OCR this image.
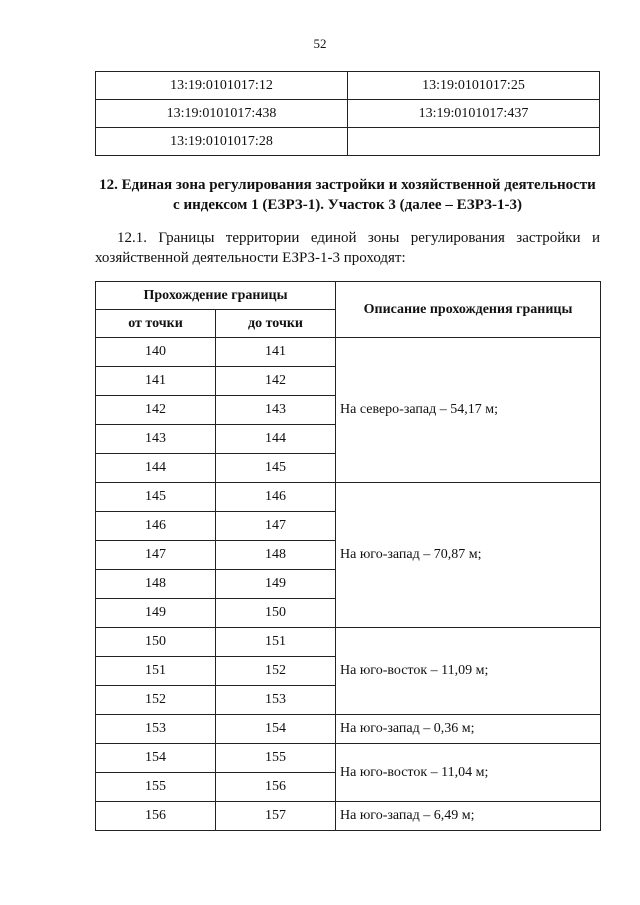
52
13:19:0101017:12	13:19:0101017:25
13:19:0101017:438	13:19:0101017:437
13:19:0101017:28	
12. Единая зона регулирования застройки и хозяйственной деятельности с индексом 1 (ЕЗРЗ-1). Участок 3 (далее – ЕЗРЗ-1-3)
12.1. Границы территории единой зоны регулирования застройки и хозяйственной деятельности ЕЗРЗ-1-3 проходят:
Прохождение границы		Описание прохождения границы
от точки	до точки	
140	141	На северо-запад – 54,17 м;
141	142	
142	143	
143	144	
144	145	
145	146	На юго-запад – 70,87 м;
146	147	
147	148	
148	149	
149	150	
150	151	На юго-восток – 11,09 м;
151	152	
152	153	
153	154	На юго-запад – 0,36 м;
154	155	На юго-восток – 11,04 м;
155	156	
156	157	На юго-запад – 6,49 м;
